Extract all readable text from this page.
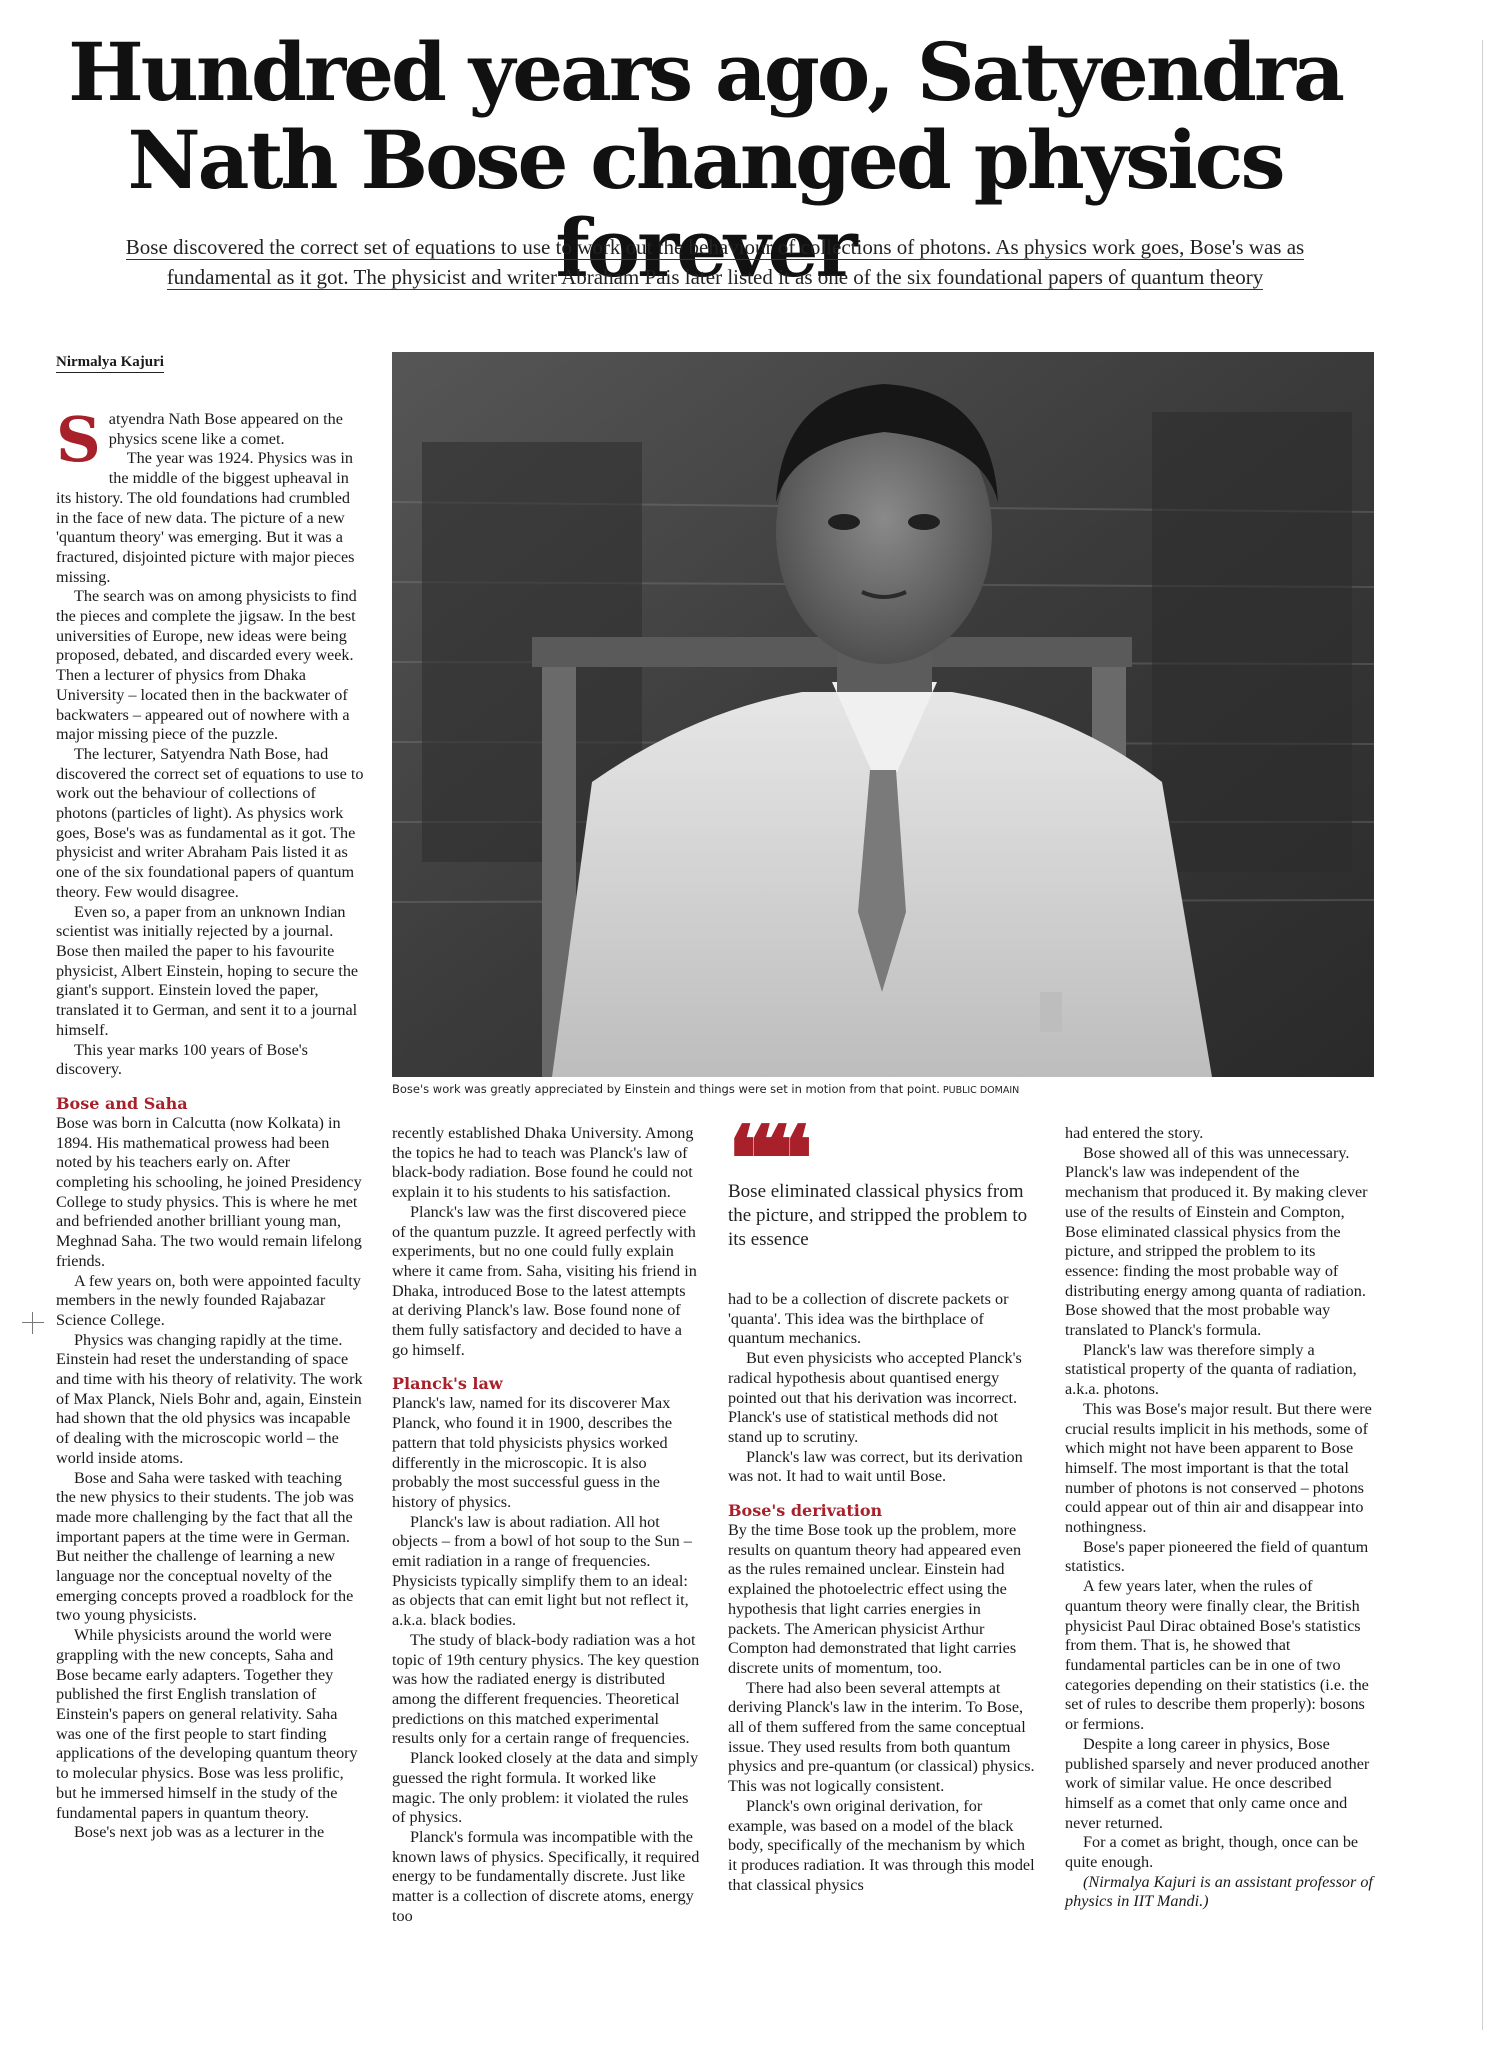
Hundred years ago, Satyendra Nath Bose changed physics forever

Bose discovered the correct set of equations to use to work out the behaviour of collections of photons. As physics work goes, Bose's was as fundamental as it got. The physicist and writer Abraham Pais later listed it as one of the six foundational papers of quantum theory

Nirmalya Kajuri

Bose's work was greatly appreciated by Einstein and things were set in motion from that point. PUBLIC DOMAIN

Satyendra Nath Bose appeared on the physics scene like a comet.

The year was 1924. Physics was in the middle of the biggest upheaval in its history. The old foundations had crumbled in the face of new data. The picture of a new 'quantum theory' was emerging. But it was a fractured, disjointed picture with major pieces missing.

The search was on among physicists to find the pieces and complete the jigsaw. In the best universities of Europe, new ideas were being proposed, debated, and discarded every week. Then a lecturer of physics from Dhaka University – located then in the backwater of backwaters – appeared out of nowhere with a major missing piece of the puzzle.

The lecturer, Satyendra Nath Bose, had discovered the correct set of equations to use to work out the behaviour of collections of photons (particles of light). As physics work goes, Bose's was as fundamental as it got. The physicist and writer Abraham Pais listed it as one of the six foundational papers of quantum theory. Few would disagree.

Even so, a paper from an unknown Indian scientist was initially rejected by a journal. Bose then mailed the paper to his favourite physicist, Albert Einstein, hoping to secure the giant's support. Einstein loved the paper, translated it to German, and sent it to a journal himself.

This year marks 100 years of Bose's discovery.

Bose and Saha

Bose was born in Calcutta (now Kolkata) in 1894. His mathematical prowess had been noted by his teachers early on. After completing his schooling, he joined Presidency College to study physics. This is where he met and befriended another brilliant young man, Meghnad Saha. The two would remain lifelong friends.

A few years on, both were appointed faculty members in the newly founded Rajabazar Science College.

Physics was changing rapidly at the time. Einstein had reset the understanding of space and time with his theory of relativity. The work of Max Planck, Niels Bohr and, again, Einstein had shown that the old physics was incapable of dealing with the microscopic world – the world inside atoms.

Bose and Saha were tasked with teaching the new physics to their students. The job was made more challenging by the fact that all the important papers at the time were in German. But neither the challenge of learning a new language nor the conceptual novelty of the emerging concepts proved a roadblock for the two young physicists.

While physicists around the world were grappling with the new concepts, Saha and Bose became early adapters. Together they published the first English translation of Einstein's papers on general relativity. Saha was one of the first people to start finding applications of the developing quantum theory to molecular physics. Bose was less prolific, but he immersed himself in the study of the fundamental papers in quantum theory.

Bose's next job was as a lecturer in the

recently established Dhaka University. Among the topics he had to teach was Planck's law of black-body radiation. Bose found he could not explain it to his students to his satisfaction.

Planck's law was the first discovered piece of the quantum puzzle. It agreed perfectly with experiments, but no one could fully explain where it came from. Saha, visiting his friend in Dhaka, introduced Bose to the latest attempts at deriving Planck's law. Bose found none of them fully satisfactory and decided to have a go himself.

Planck's law

Planck's law, named for its discoverer Max Planck, who found it in 1900, describes the pattern that told physicists physics worked differently in the microscopic. It is also probably the most successful guess in the history of physics.

Planck's law is about radiation. All hot objects – from a bowl of hot soup to the Sun – emit radiation in a range of frequencies. Physicists typically simplify them to an ideal: as objects that can emit light but not reflect it, a.k.a. black bodies.

The study of black-body radiation was a hot topic of 19th century physics. The key question was how the radiated energy is distributed among the different frequencies. Theoretical predictions on this matched experimental results only for a certain range of frequencies.

Planck looked closely at the data and simply guessed the right formula. It worked like magic. The only problem: it violated the rules of physics.

Planck's formula was incompatible with the known laws of physics. Specifically, it required energy to be fundamentally discrete. Just like matter is a collection of discrete atoms, energy too

❝❝

Bose eliminated classical physics from the picture, and stripped the problem to its essence

had to be a collection of discrete packets or 'quanta'. This idea was the birthplace of quantum mechanics.

But even physicists who accepted Planck's radical hypothesis about quantised energy pointed out that his derivation was incorrect. Planck's use of statistical methods did not stand up to scrutiny.

Planck's law was correct, but its derivation was not. It had to wait until Bose.

Bose's derivation

By the time Bose took up the problem, more results on quantum theory had appeared even as the rules remained unclear. Einstein had explained the photoelectric effect using the hypothesis that light carries energies in packets. The American physicist Arthur Compton had demonstrated that light carries discrete units of momentum, too.

There had also been several attempts at deriving Planck's law in the interim. To Bose, all of them suffered from the same conceptual issue. They used results from both quantum physics and pre-quantum (or classical) physics. This was not logically consistent.

Planck's own original derivation, for example, was based on a model of the black body, specifically of the mechanism by which it produces radiation. It was through this model that classical physics

had entered the story.

Bose showed all of this was unnecessary. Planck's law was independent of the mechanism that produced it. By making clever use of the results of Einstein and Compton, Bose eliminated classical physics from the picture, and stripped the problem to its essence: finding the most probable way of distributing energy among quanta of radiation. Bose showed that the most probable way translated to Planck's formula.

Planck's law was therefore simply a statistical property of the quanta of radiation, a.k.a. photons.

This was Bose's major result. But there were crucial results implicit in his methods, some of which might not have been apparent to Bose himself. The most important is that the total number of photons is not conserved – photons could appear out of thin air and disappear into nothingness.

Bose's paper pioneered the field of quantum statistics.

A few years later, when the rules of quantum theory were finally clear, the British physicist Paul Dirac obtained Bose's statistics from them. That is, he showed that fundamental particles can be in one of two categories depending on their statistics (i.e. the set of rules to describe them properly): bosons or fermions.

Despite a long career in physics, Bose published sparsely and never produced another work of similar value. He once described himself as a comet that only came once and never returned.

For a comet as bright, though, once can be quite enough.

(Nirmalya Kajuri is an assistant professor of physics in IIT Mandi.)
